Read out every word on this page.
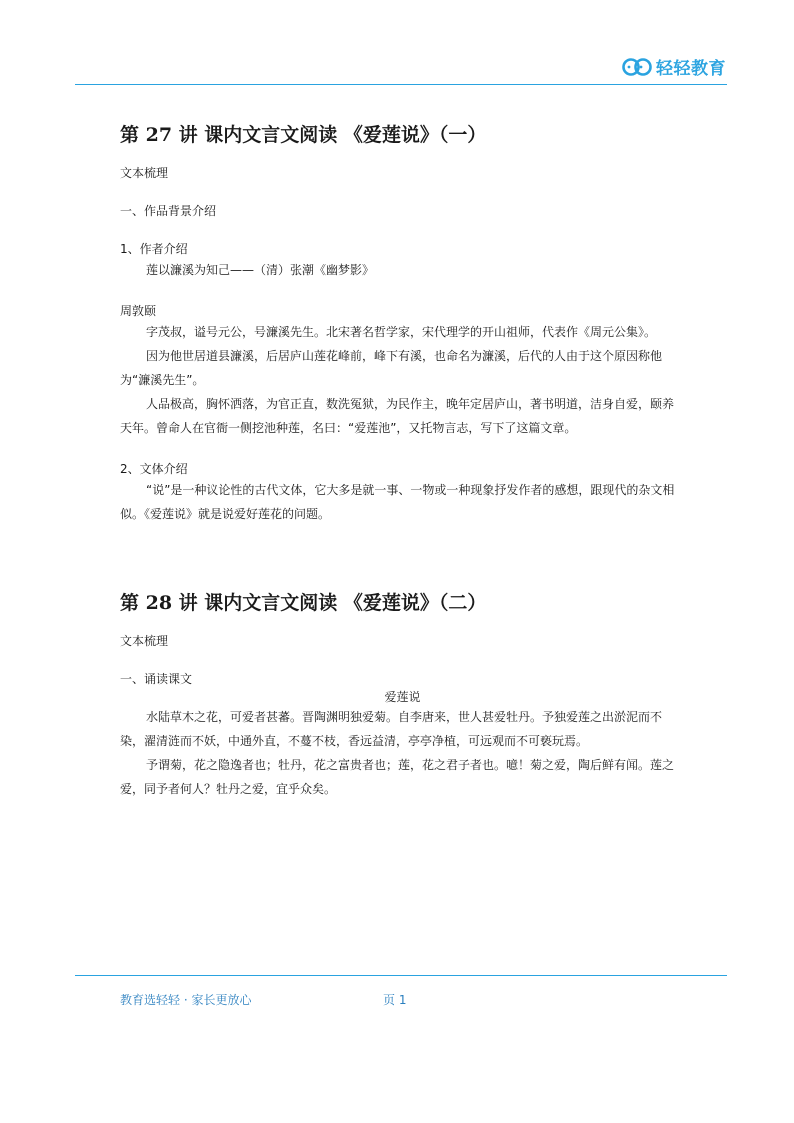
轻轻教育
第 27 讲 课内文言文阅读 《爱莲说》（一）

文本梳理

一、作品背景介绍

1、作者介绍

莲以濂溪为知己——（清）张潮《幽梦影》

周敦颐

字茂叔，谥号元公，号濂溪先生。北宋著名哲学家，宋代理学的开山祖师，代表作《周元公集》。

因为他世居道县濂溪，后居庐山莲花峰前，峰下有溪，也命名为濂溪，后代的人由于这个原因称他为“濂溪先生”。

人品极高，胸怀洒落，为官正直，数洗冤狱，为民作主，晚年定居庐山，著书明道，洁身自爱，颐养天年。曾命人在官衙一侧挖池种莲，名曰：“爱莲池”，又托物言志，写下了这篇文章。

2、文体介绍

“说”是一种议论性的古代文体，它大多是就一事、一物或一种现象抒发作者的感想，跟现代的杂文相似。《爱莲说》就是说爱好莲花的问题。

第 28 讲 课内文言文阅读 《爱莲说》（二）

文本梳理

一、诵读课文

爱莲说

水陆草木之花，可爱者甚蕃。晋陶渊明独爱菊。自李唐来，世人甚爱牡丹。予独爱莲之出淤泥而不染，濯清涟而不妖，中通外直，不蔓不枝，香远益清，亭亭净植，可远观而不可亵玩焉。

予谓菊，花之隐逸者也；牡丹，花之富贵者也；莲，花之君子者也。噫！菊之爱，陶后鲜有闻。莲之爱，同予者何人？牡丹之爱，宜乎众矣。

教育选轻轻 · 家长更放心	页 1
